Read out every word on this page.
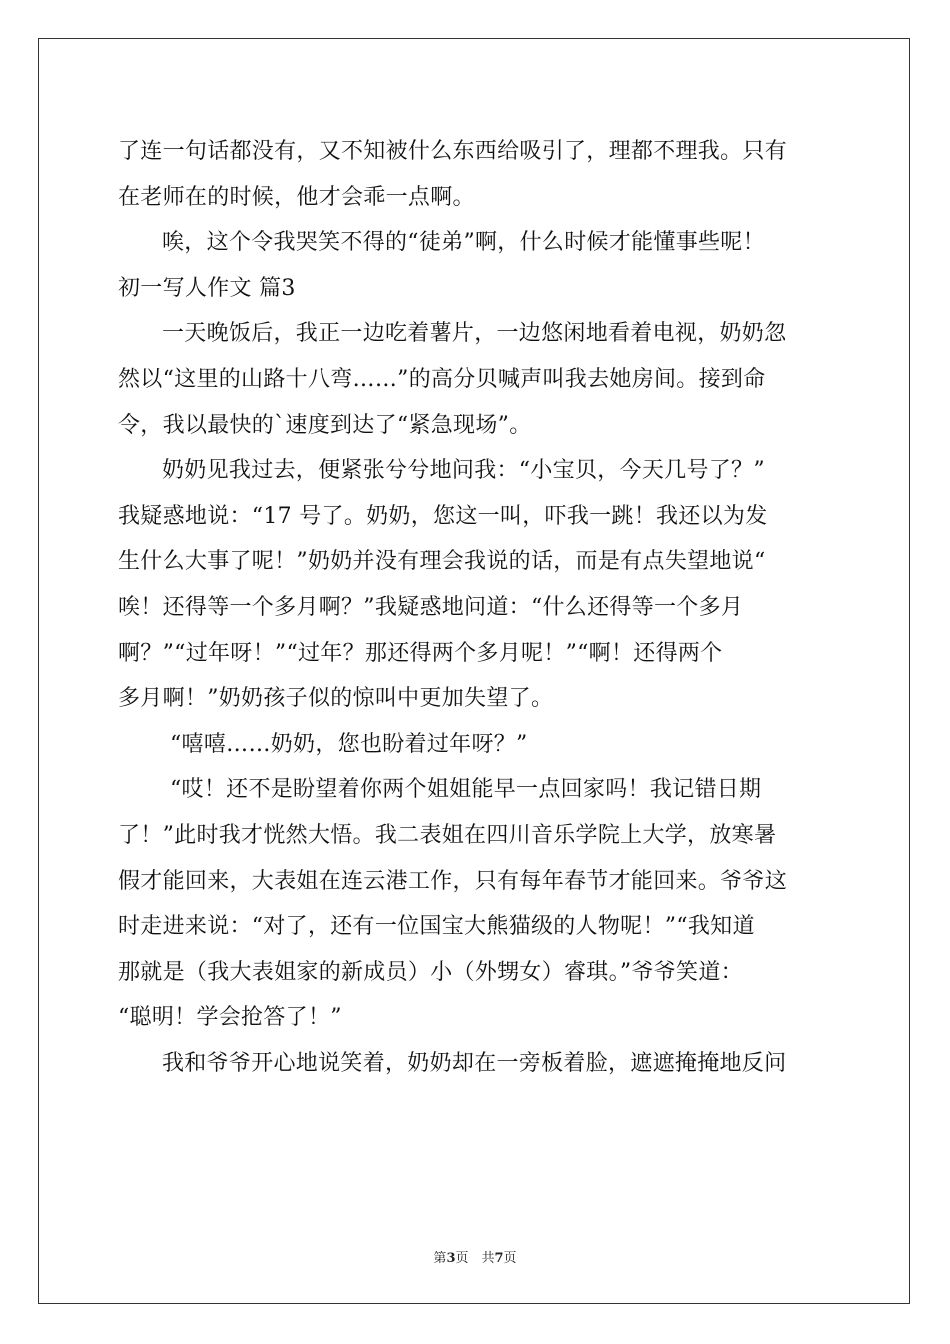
了连一句话都没有，又不知被什么东西给吸引了，理都不理我。只有
在老师在的时候，他才会乖一点啊。
唉，这个令我哭笑不得的“徒弟”啊，什么时候才能懂事些呢！
初一写人作文 篇3
一天晚饭后，我正一边吃着薯片，一边悠闲地看着电视，奶奶忽
然以“这里的山路十八弯……”的高分贝喊声叫我去她房间。接到命
令，我以最快的`速度到达了“紧急现场”。
奶奶见我过去，便紧张兮兮地问我：“小宝贝，今天几号了？”
我疑惑地说：“17 号了。奶奶，您这一叫，吓我一跳！我还以为发
生什么大事了呢！”奶奶并没有理会我说的话，而是有点失望地说“
唉！还得等一个多月啊？”我疑惑地问道：“什么还得等一个多月
啊？”“过年呀！”“过年？那还得两个多月呢！”“啊！还得两个
多月啊！”奶奶孩子似的惊叫中更加失望了。
“嘻嘻……奶奶，您也盼着过年呀？”
“哎！还不是盼望着你两个姐姐能早一点回家吗！我记错日期
了！”此时我才恍然大悟。我二表姐在四川音乐学院上大学，放寒暑
假才能回来，大表姐在连云港工作，只有每年春节才能回来。爷爷这
时走进来说：“对了，还有一位国宝大熊猫级的人物呢！”“我知道
那就是（我大表姐家的新成员）小（外甥女）睿琪。”爷爷笑道：
“聪明！学会抢答了！”
我和爷爷开心地说笑着，奶奶却在一旁板着脸，遮遮掩掩地反问
第3页　共7页
